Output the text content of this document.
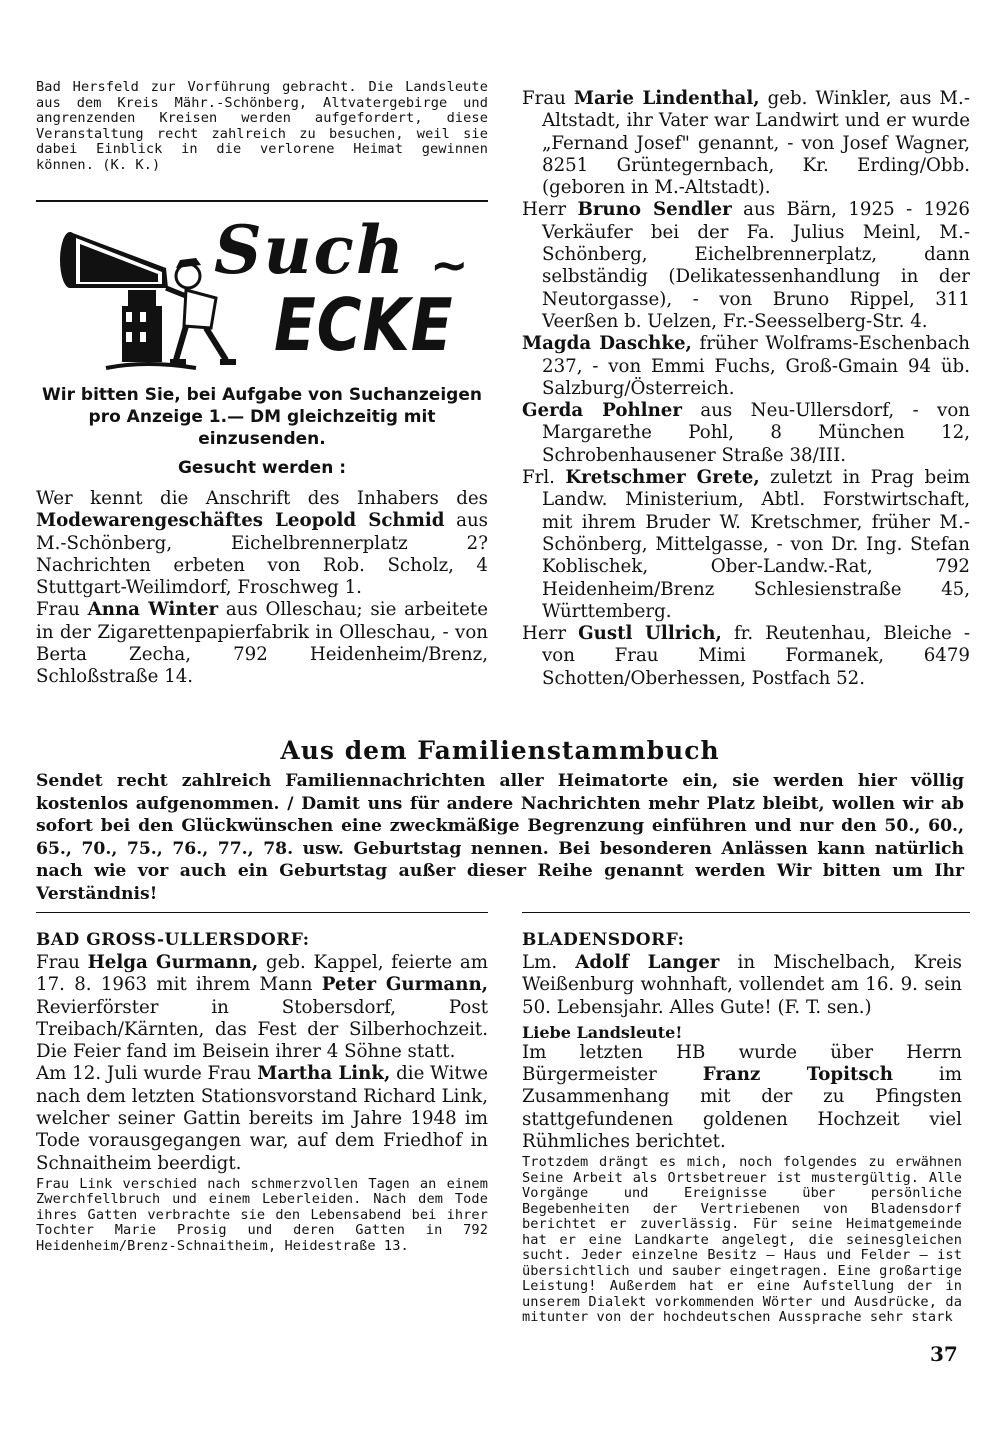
Bad Hersfeld zur Vorführung gebracht. Die Landsleute aus dem Kreis Mähr.-Schönberg, Altvatergebirge und angrenzenden Kreisen werden aufgefordert, diese Veranstaltung recht zahlreich zu besuchen, weil sie dabei Einblick in die verlorene Heimat gewinnen können. (K. K.)

Such ~
ECKE

Wir bitten Sie, bei Aufgabe von Suchanzeigen pro Anzeige 1.— DM gleichzeitig mit einzusenden.

Gesucht werden :

Wer kennt die Anschrift des Inhabers des Modewarengeschäftes Leopold Schmid aus M.-Schönberg, Eichelbrennerplatz 2? Nachrichten erbeten von Rob. Scholz, 4 Stuttgart-Weilimdorf, Froschweg 1.

Frau Anna Winter aus Olleschau; sie arbeitete in der Zigarettenpapierfabrik in Olleschau, - von Berta Zecha, 792 Heidenheim/Brenz, Schloßstraße 14.

Frau Marie Lindenthal, geb. Winkler, aus M.-Altstadt, ihr Vater war Landwirt und er wurde „Fernand Josef" genannt, - von Josef Wagner, 8251 Grüntegernbach, Kr. Erding/Obb. (geboren in M.-Altstadt).

Herr Bruno Sendler aus Bärn, 1925 - 1926 Verkäufer bei der Fa. Julius Meinl, M.-Schönberg, Eichelbrennerplatz, dann selbständig (Delikatessenhandlung in der Neutorgasse), - von Bruno Rippel, 311 Veerßen b. Uelzen, Fr.-Seesselberg-Str. 4.

Magda Daschke, früher Wolframs-Eschenbach 237, - von Emmi Fuchs, Groß-Gmain 94 üb. Salzburg/Österreich.

Gerda Pohlner aus Neu-Ullersdorf, - von Margarethe Pohl, 8 München 12, Schrobenhausener Straße 38/III.

Frl. Kretschmer Grete, zuletzt in Prag beim Landw. Ministerium, Abtl. Forstwirtschaft, mit ihrem Bruder W. Kretschmer, früher M.-Schönberg, Mittelgasse, - von Dr. Ing. Stefan Koblischek, Ober-Landw.-Rat, 792 Heidenheim/Brenz Schlesienstraße 45, Württemberg.

Herr Gustl Ullrich, fr. Reutenhau, Bleiche - von Frau Mimi Formanek, 6479 Schotten/Oberhessen, Postfach 52.

Aus dem Familienstammbuch

Sendet recht zahlreich Familiennachrichten aller Heimatorte ein, sie werden hier völlig kostenlos aufgenommen. / Damit uns für andere Nachrichten mehr Platz bleibt, wollen wir ab sofort bei den Glückwünschen eine zweckmäßige Begrenzung einführen und nur den 50., 60., 65., 70., 75., 76., 77., 78. usw. Geburtstag nennen. Bei besonderen Anlässen kann natürlich nach wie vor auch ein Geburtstag außer dieser Reihe genannt werden Wir bitten um Ihr Verständnis!

BAD GROSS-ULLERSDORF:

Frau Helga Gurmann, geb. Kappel, feierte am 17. 8. 1963 mit ihrem Mann Peter Gurmann, Revierförster in Stobersdorf, Post Treibach/Kärnten, das Fest der Silberhochzeit. Die Feier fand im Beisein ihrer 4 Söhne statt.

Am 12. Juli wurde Frau Martha Link, die Witwe nach dem letzten Stationsvorstand Richard Link, welcher seiner Gattin bereits im Jahre 1948 im Tode vorausgegangen war, auf dem Friedhof in Schnaitheim beerdigt.

Frau Link verschied nach schmerzvollen Tagen an einem Zwerchfellbruch und einem Leberleiden. Nach dem Tode ihres Gatten verbrachte sie den Lebensabend bei ihrer Tochter Marie Prosig und deren Gatten in 792 Heidenheim/Brenz-Schnaitheim, Heidestraße 13.

BLADENSDORF:

Lm. Adolf Langer in Mischelbach, Kreis Weißenburg wohnhaft, vollendet am 16. 9. sein 50. Lebensjahr. Alles Gute! (F. T. sen.)

Liebe Landsleute!

Im letzten HB wurde über Herrn Bürgermeister	Franz Topitsch	im Zusammenhang mit der zu Pfingsten stattgefundenen goldenen Hochzeit viel Rühmliches berichtet.

Trotzdem drängt es mich, noch folgendes zu erwähnen Seine Arbeit als Ortsbetreuer ist mustergültig. Alle Vorgänge und Ereignisse über persönliche Begebenheiten der Vertriebenen von Bladensdorf berichtet er zuverlässig. Für seine Heimatgemeinde hat er eine Landkarte angelegt, die seinesgleichen sucht. Jeder einzelne Besitz — Haus und Felder — ist übersichtlich und sauber eingetragen. Eine großartige Leistung! Außerdem hat er eine Aufstellung der in unserem Dialekt vorkommenden Wörter und Ausdrücke, da mitunter von der hochdeutschen Aussprache sehr stark

37
